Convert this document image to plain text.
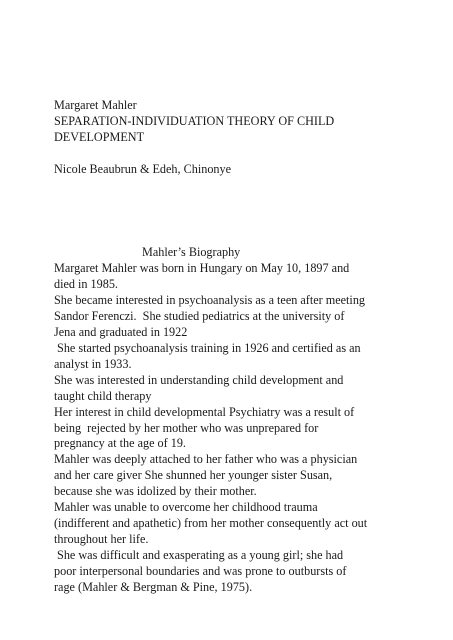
Margaret Mahler
SEPARATION-INDIVIDUATION THEORY OF CHILD
DEVELOPMENT
Nicole Beaubrun & Edeh, Chinonye
Mahler’s Biography
Margaret Mahler was born in Hungary on May 10, 1897 and
died in 1985.
She became interested in psychoanalysis as a teen after meeting
Sandor Ferenczi.  She studied pediatrics at the university of
Jena and graduated in 1922
She started psychoanalysis training in 1926 and certified as an
analyst in 1933.
She was interested in understanding child development and
taught child therapy
Her interest in child developmental Psychiatry was a result of
being  rejected by her mother who was unprepared for
pregnancy at the age of 19.
Mahler was deeply attached to her father who was a physician
and her care giver She shunned her younger sister Susan,
because she was idolized by their mother.
Mahler was unable to overcome her childhood trauma
(indifferent and apathetic) from her mother consequently act out
throughout her life.
She was difficult and exasperating as a young girl; she had
poor interpersonal boundaries and was prone to outbursts of
rage (Mahler & Bergman & Pine, 1975).
